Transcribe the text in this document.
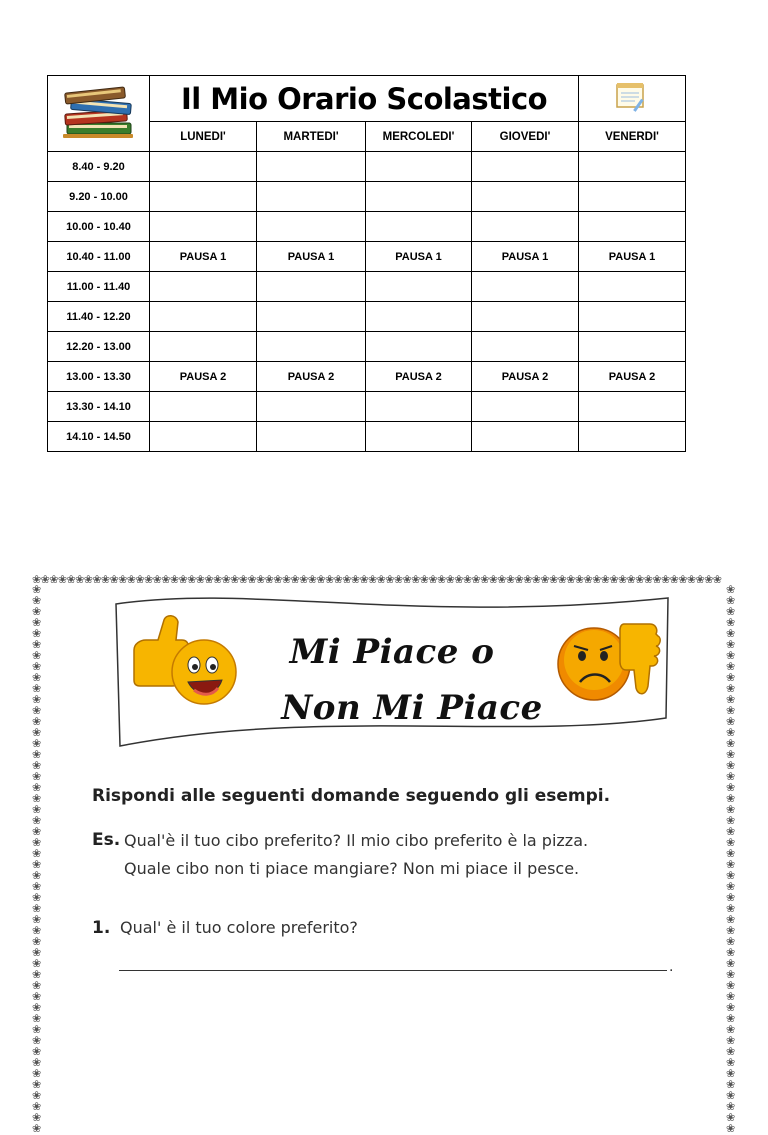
	Il Mio Orario Scolastico	
	LUNEDI'	MARTEDI'	MERCOLEDI'	GIOVEDI'	VENERDI'
8.40 - 9.20					
9.20 - 10.00					
10.00 - 10.40					
10.40 - 11.00	PAUSA 1	PAUSA 1	PAUSA 1	PAUSA 1	PAUSA 1
11.00 - 11.40					
11.40 - 12.20					
12.20 - 13.00					
13.00 - 13.30	PAUSA 2	PAUSA 2	PAUSA 2	PAUSA 2	PAUSA 2
13.30 - 14.10					
14.10 - 14.50					
❀❀❀❀❀❀❀❀❀❀❀❀❀❀❀❀❀❀❀❀❀❀❀❀❀❀❀❀❀❀❀❀❀❀❀❀❀❀❀❀❀❀❀❀❀❀❀❀❀❀❀❀❀❀❀❀❀❀❀❀❀❀❀❀❀❀❀❀❀❀❀❀❀❀❀❀❀❀❀❀
❀❀❀❀❀❀❀❀❀❀❀❀❀❀❀❀❀❀❀❀❀❀❀❀❀❀❀❀❀❀❀❀❀❀❀❀❀❀❀❀❀❀❀❀❀❀❀❀❀❀
❀❀❀❀❀❀❀❀❀❀❀❀❀❀❀❀❀❀❀❀❀❀❀❀❀❀❀❀❀❀❀❀❀❀❀❀❀❀❀❀❀❀❀❀❀❀❀❀❀❀
Mi Piace o
Non Mi Piace
Rispondi alle seguenti domande seguendo gli esempi.
Es. Qual'è il tuo cibo preferito? Il mio cibo preferito è la pizza.
Quale cibo non ti piace mangiare? Non mi piace il pesce.
1. Qual' è il tuo colore preferito?
.
